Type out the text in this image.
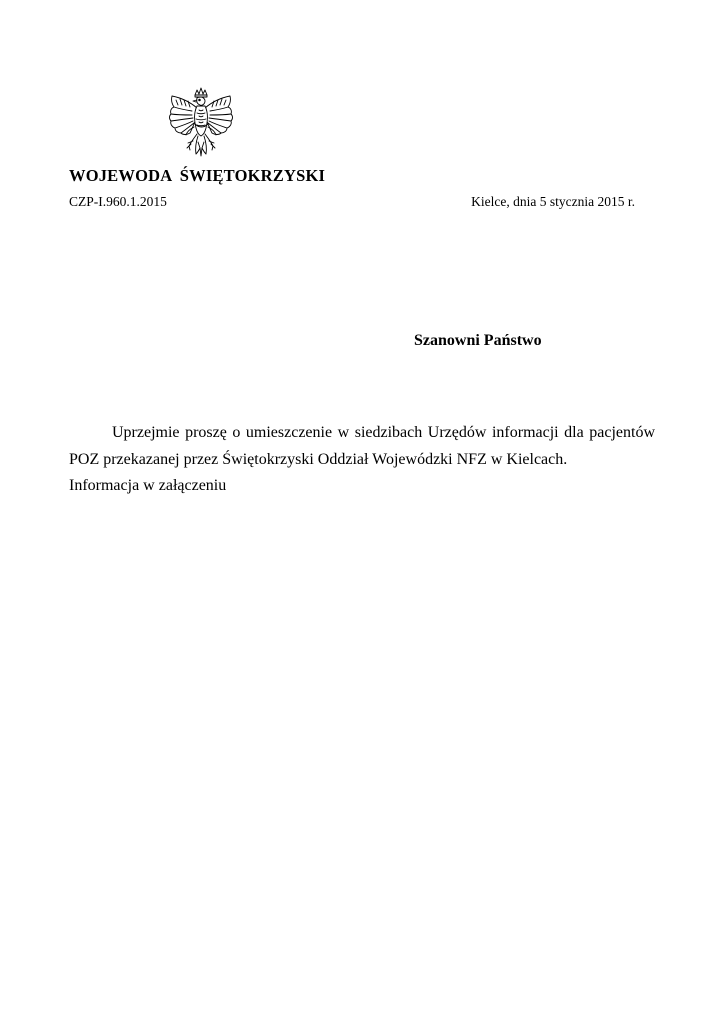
WOJEWODA ŚWIĘTOKRZYSKI
CZP-I.960.1.2015	Kielce, dnia 5 stycznia 2015 r.
Szanowni Państwo

Uprzejmie proszę o umieszczenie w siedzibach Urzędów informacji dla pacjentów POZ przekazanej przez Świętokrzyski Oddział Wojewódzki NFZ w Kielcach.

Informacja w załączeniu
